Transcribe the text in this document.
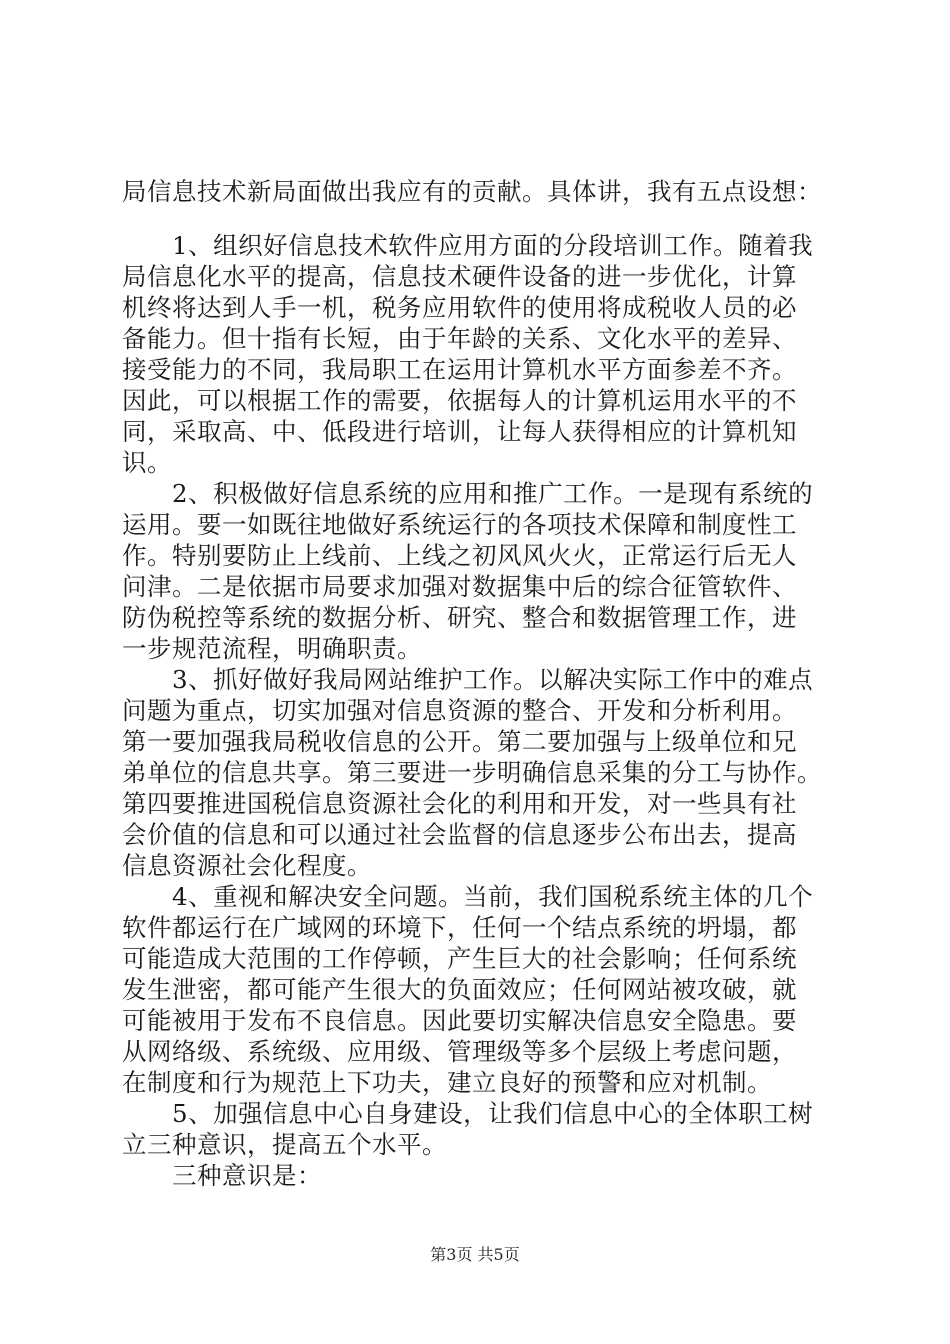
局信息技术新局面做出我应有的贡献。具体讲，我有五点设想：
　　1、组织好信息技术软件应用方面的分段培训工作。随着我
局信息化水平的提高，信息技术硬件设备的进一步优化，计算
机终将达到人手一机，税务应用软件的使用将成税收人员的必
备能力。但十指有长短，由于年龄的关系、文化水平的差异、
接受能力的不同，我局职工在运用计算机水平方面参差不齐。
因此，可以根据工作的需要，依据每人的计算机运用水平的不
同，采取高、中、低段进行培训，让每人获得相应的计算机知
识。
　　2、积极做好信息系统的应用和推广工作。一是现有系统的
运用。要一如既往地做好系统运行的各项技术保障和制度性工
作。特别要防止上线前、上线之初风风火火，正常运行后无人
问津。二是依据市局要求加强对数据集中后的综合征管软件、
防伪税控等系统的数据分析、研究、整合和数据管理工作，进
一步规范流程，明确职责。
　　3、抓好做好我局网站维护工作。以解决实际工作中的难点
问题为重点，切实加强对信息资源的整合、开发和分析利用。
第一要加强我局税收信息的公开。第二要加强与上级单位和兄
弟单位的信息共享。第三要进一步明确信息采集的分工与协作。
第四要推进国税信息资源社会化的利用和开发，对一些具有社
会价值的信息和可以通过社会监督的信息逐步公布出去，提高
信息资源社会化程度。
　　4、重视和解决安全问题。当前，我们国税系统主体的几个
软件都运行在广域网的环境下，任何一个结点系统的坍塌，都
可能造成大范围的工作停顿，产生巨大的社会影响；任何系统
发生泄密，都可能产生很大的负面效应；任何网站被攻破，就
可能被用于发布不良信息。因此要切实解决信息安全隐患。要
从网络级、系统级、应用级、管理级等多个层级上考虑问题，
在制度和行为规范上下功夫，建立良好的预警和应对机制。
　　5、加强信息中心自身建设，让我们信息中心的全体职工树
立三种意识，提高五个水平。
　　三种意识是：
第3页 共5页
